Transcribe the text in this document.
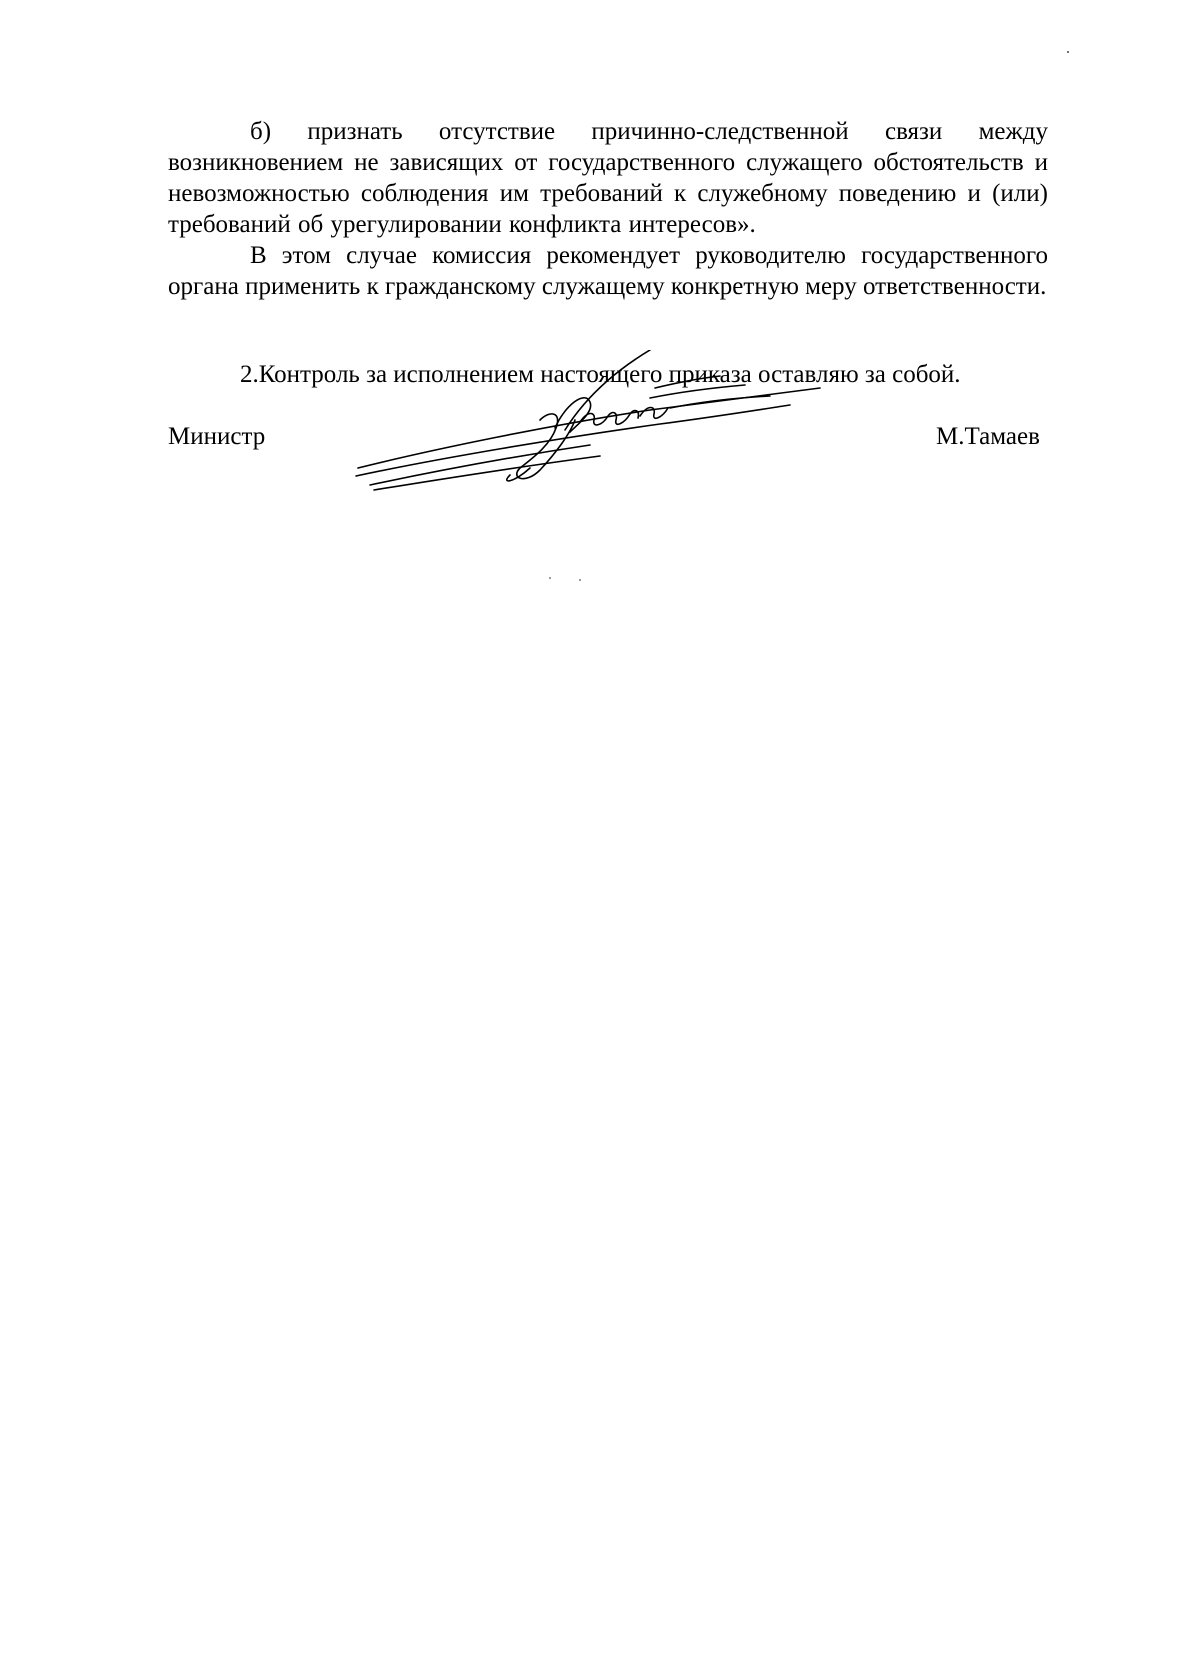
б) признать отсутствие причинно-следственной связи между возникновением не зависящих от государственного служащего обстоятельств и невозможностью соблюдения им требований к служебному поведению и (или) требований об урегулировании конфликта интересов».

В этом случае комиссия рекомендует руководителю государственного органа применить к гражданскому служащему конкретную меру ответственности.

2.Контроль за исполнением настоящего приказа оставляю за собой.

Министр	М.Тамаев
